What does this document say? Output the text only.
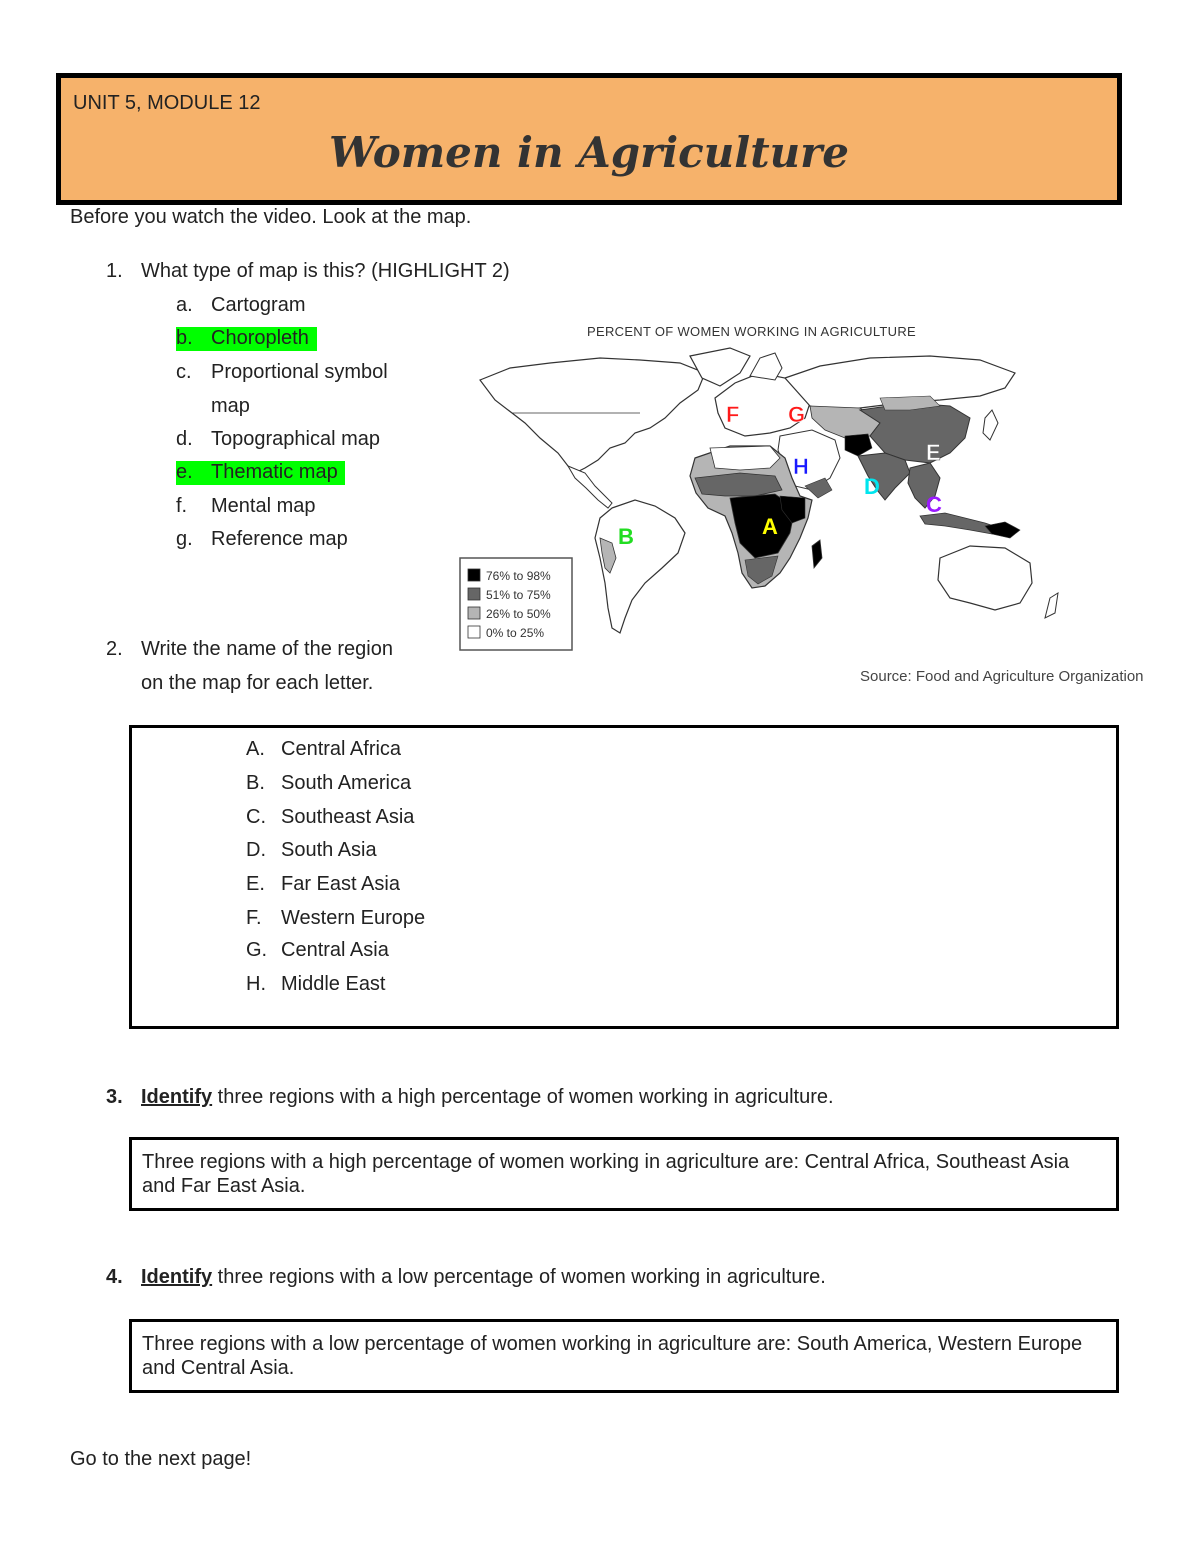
UNIT 5, MODULE 12
Women in Agriculture
Before you watch the video. Look at the map.
1. What type of map is this? (HIGHLIGHT 2)
a. Cartogram
b. Choropleth
c. Proportional symbol
map
d. Topographical map
e. Thematic map
f. Mental map
g. Reference map
PERCENT OF WOMEN WORKING IN AGRICULTURE
F G
H
E
D
C
B	A
76% to 98%
51% to 75%
26% to 50%
0% to 25%
Source: Food and Agriculture Organization
2. Write the name of the region
on the map for each letter.
A. Central Africa
B. South America
C. Southeast Asia
D. South Asia
E. Far East Asia
F. Western Europe
G. Central Asia
H. Middle East
3. Identify three regions with a high percentage of women working in agriculture.
Three regions with a high percentage of women working in agriculture are: Central Africa, Southeast Asia and Far East Asia.
4. Identify three regions with a low percentage of women working in agriculture.
Three regions with a low percentage of women working in agriculture are: South America, Western Europe and Central Asia.
Go to the next page!
